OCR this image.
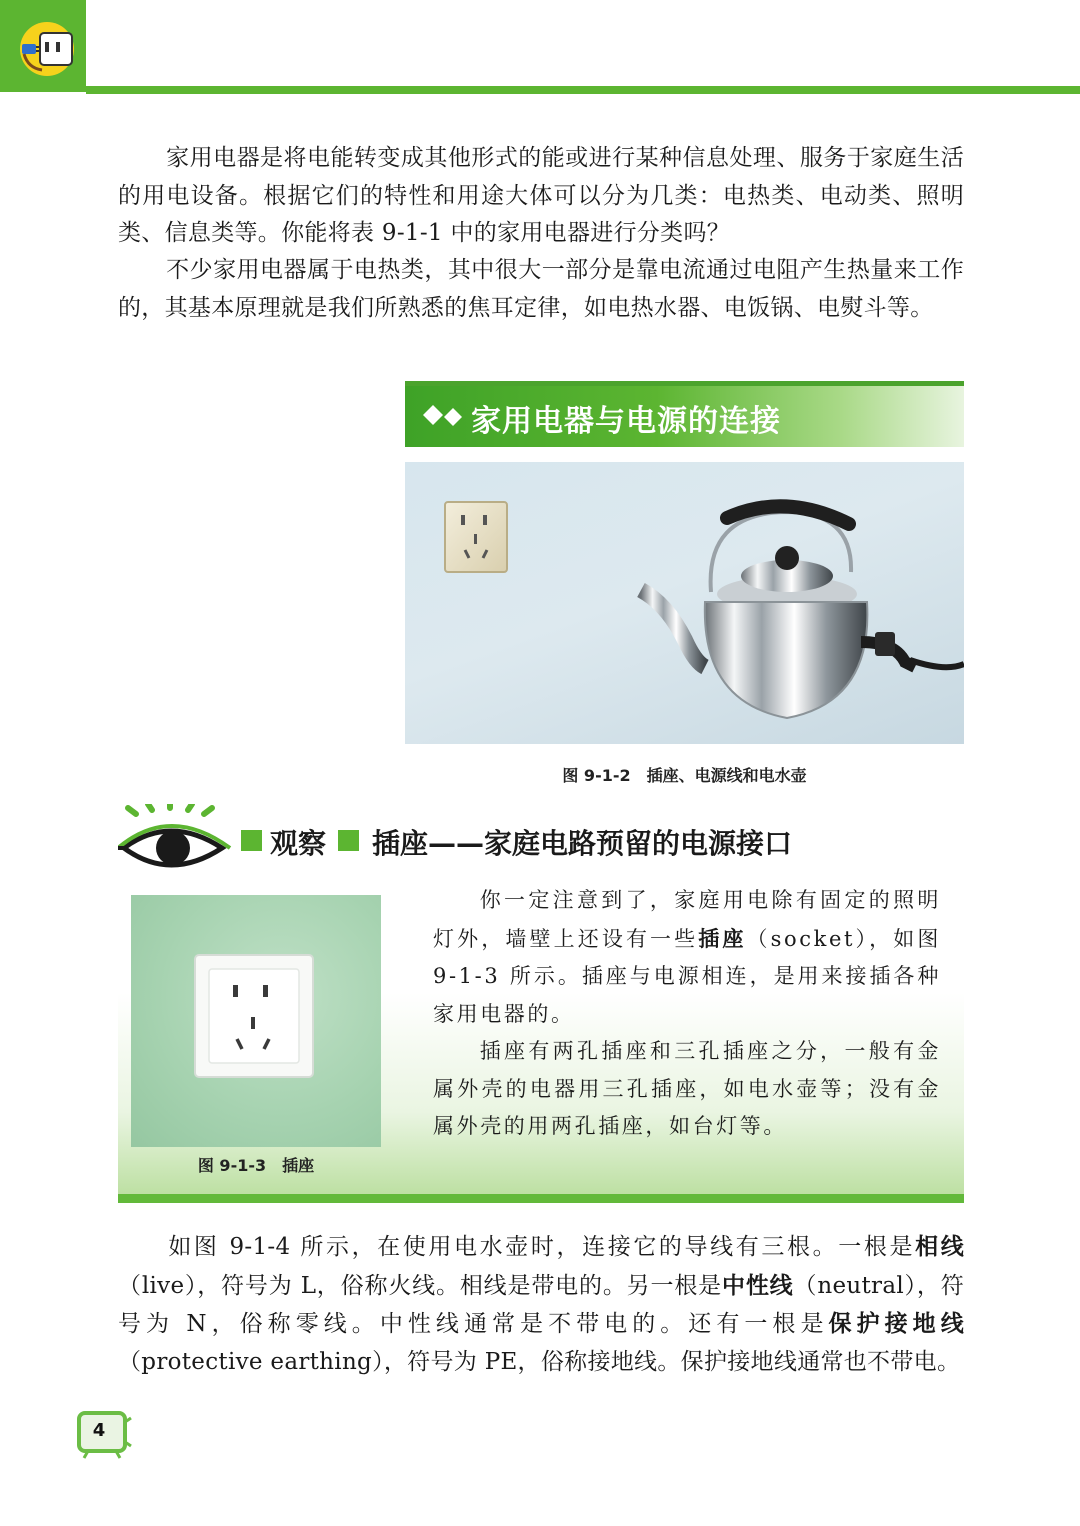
家用电器是将电能转变成其他形式的能或进行某种信息处理、服务于家庭生活的用电设备。根据它们的特性和用途大体可以分为几类：电热类、电动类、照明类、信息类等。你能将表 9-1-1 中的家用电器进行分类吗？
不少家用电器属于电热类，其中很大一部分是靠电流通过电阻产生热量来工作的，其基本原理就是我们所熟悉的焦耳定律，如电热水器、电饭锅、电熨斗等。
家用电器与电源的连接
图 9-1-2　插座、电源线和电水壶
观察 插座——家庭电路预留的电源接口
图 9-1-3　插座
你一定注意到了，家庭用电除有固定的照明灯外，墙壁上还设有一些插座（socket），如图 9-1-3 所示。插座与电源相连，是用来接插各种家用电器的。
插座有两孔插座和三孔插座之分，一般有金属外壳的电器用三孔插座，如电水壶等；没有金属外壳的用两孔插座，如台灯等。
如图 9-1-4 所示，在使用电水壶时，连接它的导线有三根。一根是相线（live），符号为 L，俗称火线。相线是带电的。另一根是中性线（neutral），符号为 N，俗称零线。中性线通常是不带电的。还有一根是保护接地线（protective earthing），符号为 PE，俗称接地线。保护接地线通常也不带电。
4
